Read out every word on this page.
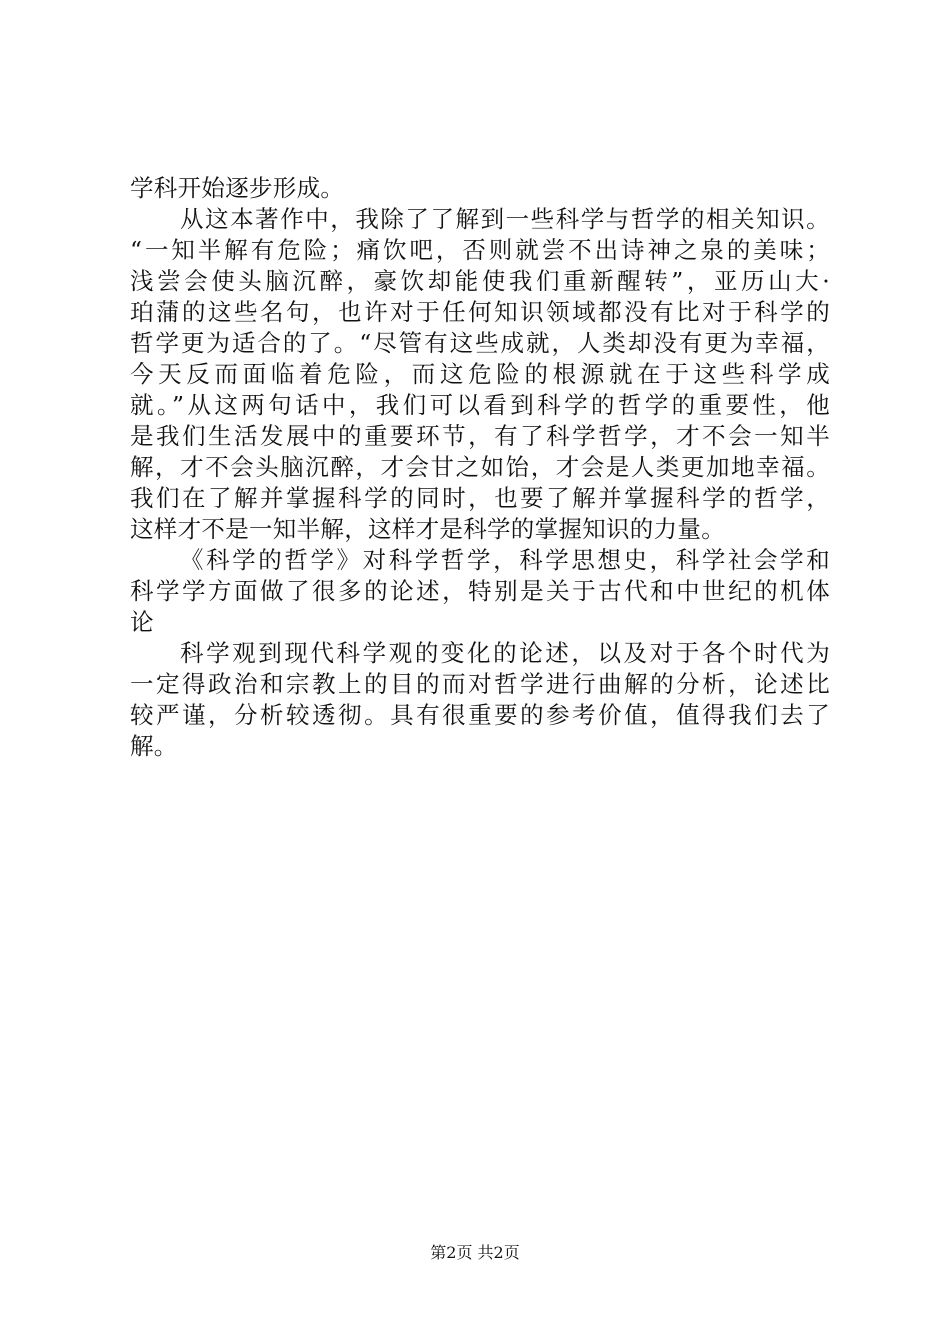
学科开始逐步形成。
从这本著作中，我除了了解到一些科学与哲学的相关知识。
“一知半解有危险；痛饮吧，否则就尝不出诗神之泉的美味；
浅尝会使头脑沉醉，豪饮却能使我们重新醒转”，亚历山大·
珀蒲的这些名句，也许对于任何知识领域都没有比对于科学的
哲学更为适合的了。“尽管有这些成就，人类却没有更为幸福，
今天反而面临着危险，而这危险的根源就在于这些科学成
就。”从这两句话中，我们可以看到科学的哲学的重要性，他
是我们生活发展中的重要环节，有了科学哲学，才不会一知半
解，才不会头脑沉醉，才会甘之如饴，才会是人类更加地幸福。
我们在了解并掌握科学的同时，也要了解并掌握科学的哲学，
这样才不是一知半解，这样才是科学的掌握知识的力量。
《科学的哲学》对科学哲学，科学思想史，科学社会学和
科学学方面做了很多的论述，特别是关于古代和中世纪的机体
论
科学观到现代科学观的变化的论述，以及对于各个时代为
一定得政治和宗教上的目的而对哲学进行曲解的分析，论述比
较严谨，分析较透彻。具有很重要的参考价值，值得我们去了
解。
第2页 共2页
